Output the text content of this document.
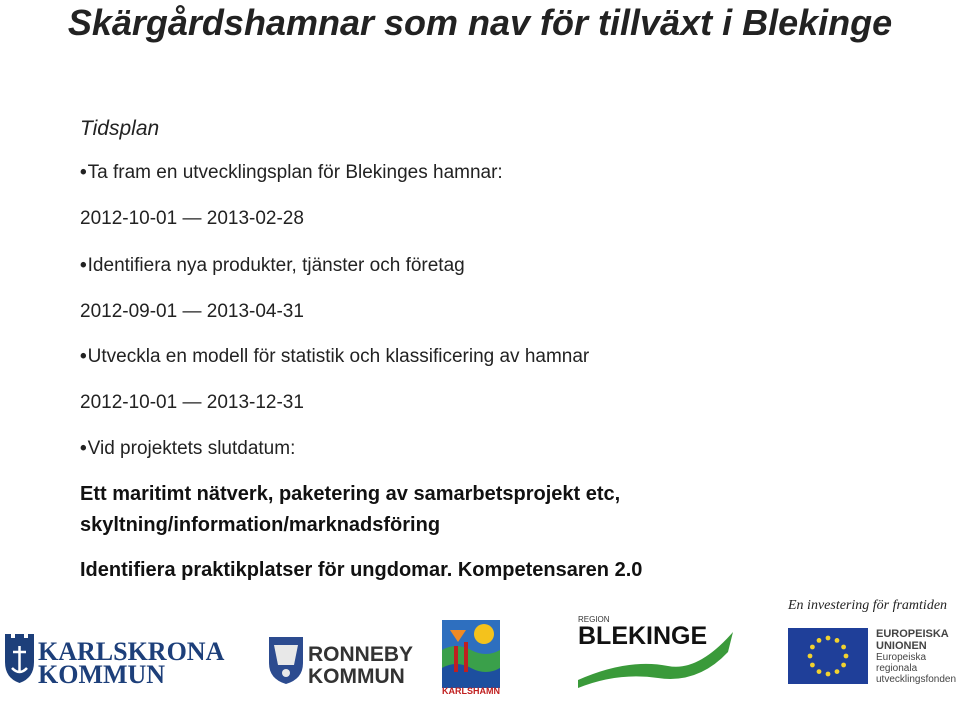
Skärgårdshamnar som nav för tillväxt i Blekinge
Tidsplan
•Ta fram en utvecklingsplan för Blekinges hamnar:
2012-10-01 — 2013-02-28
•Identifiera nya produkter, tjänster och företag
2012-09-01 — 2013-04-31
•Utveckla en modell för statistik och klassificering av hamnar
2012-10-01 — 2013-12-31
•Vid projektets slutdatum:
Ett maritimt nätverk, paketering av samarbetsprojekt etc,
skyltning/information/marknadsföring
Identifiera praktikplatser för ungdomar. Kompetensaren 2.0
KARLSKRONA
KOMMUN
RONNEBY
KOMMUN
KARLSHAMN
REGION
BLEKINGE
En investering för framtiden
EUROPEISKA
UNIONEN
Europeiska
regionala
utvecklingsfonden
